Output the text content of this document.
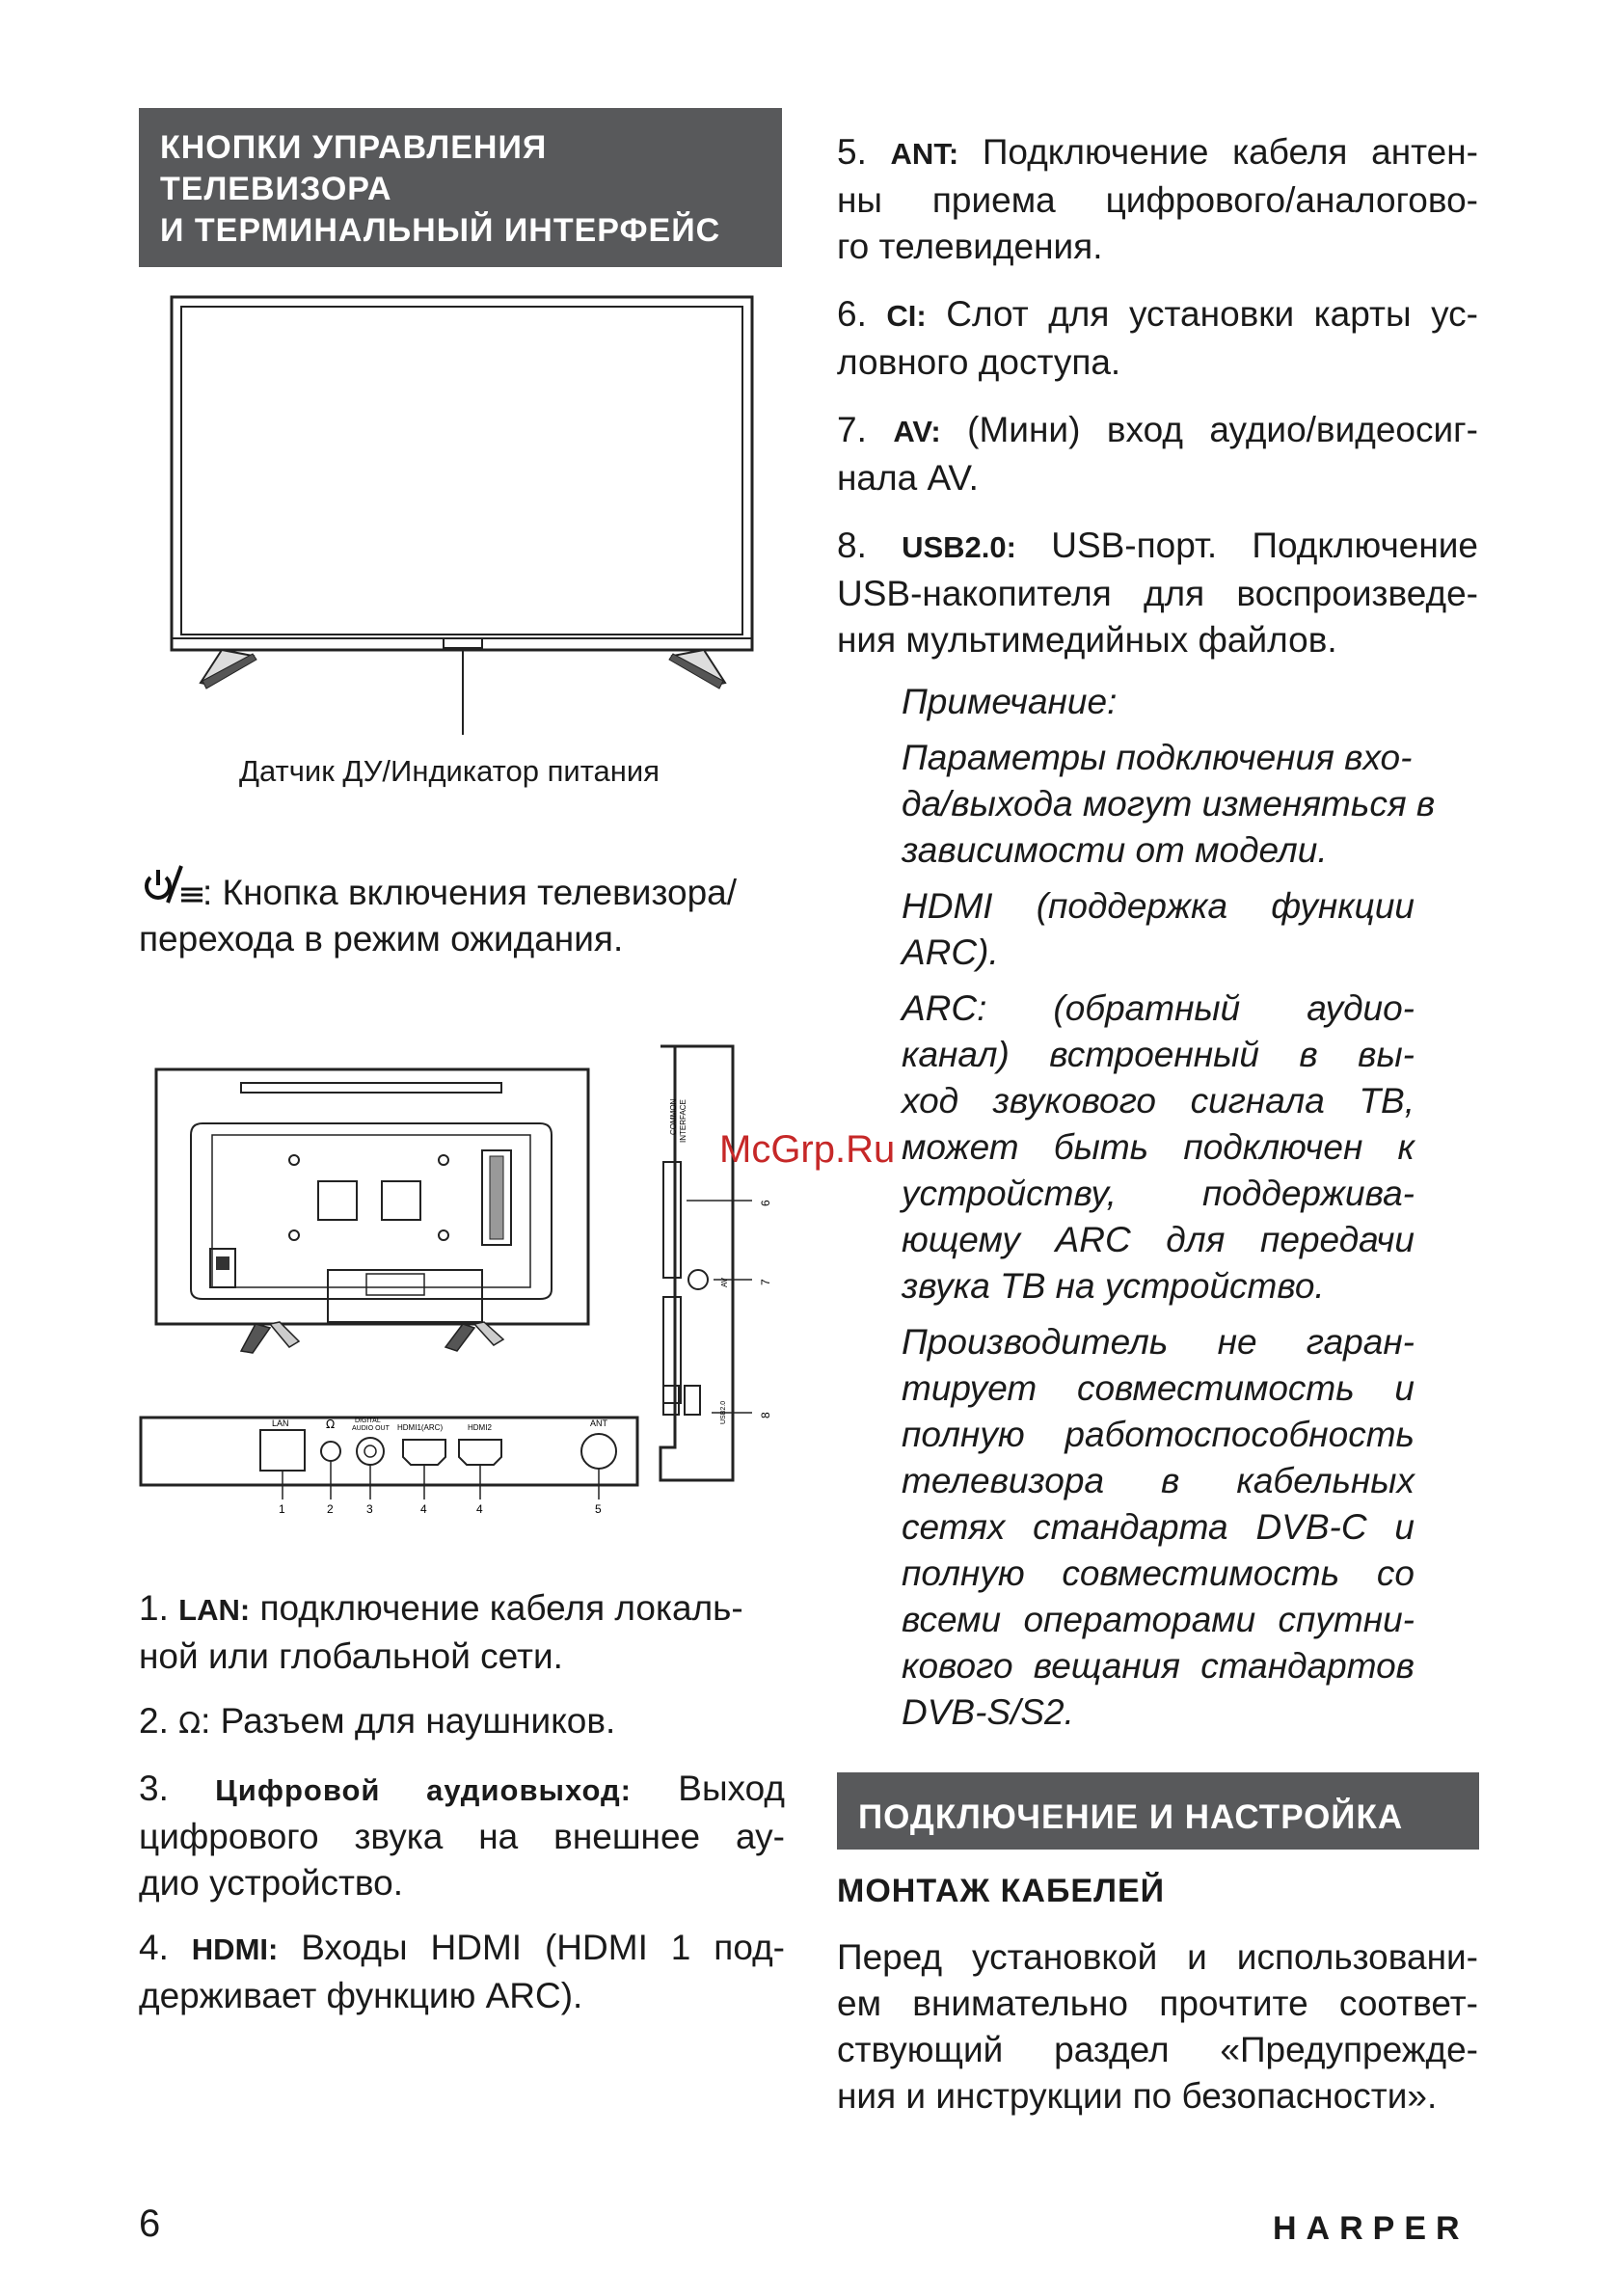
КНОПКИ УПРАВЛЕНИЯ
ТЕЛЕВИЗОРА
И ТЕРМИНАЛЬНЫЙ ИНТЕРФЕЙС
Датчик ДУ/Индикатор питания
: Кнопка включения телевизора/
перехода в режим ожидания.
LAN	Ω	DIGITAL
AUDIO OUT HDMI1(ARC)	HDMI2	ANT
1	2	3	4	4	5
COMMON INTERFACE
AV
USB2.0
6
7
8
McGrp.Ru
1. LAN: подключение кабеля локаль-
ной или глобальной сети.
2. Ω: Разъем для наушников.
3. Цифровой аудиовыход: Выход
цифрового звука на внешнее ау-
дио устройство.
4. HDMI: Входы HDMI (HDMI 1 под-
держивает функцию ARC).
5. ANT: Подключение кабеля антен-
ны приема цифрового/аналогово-
го телевидения.
6. CI: Слот для установки карты ус-
ловного доступа.
7. AV: (Мини) вход аудио/видеосиг-
нала AV.
8. USB2.0: USB-порт. Подключение
USB-накопителя для воспроизведе-
ния мультимедийных файлов.
Примечание:
Параметры подключения вхо-
да/выхода могут изменяться в
зависимости от модели.
HDMI (поддержка функции
ARC).
ARC: (обратный аудио-
канал) встроенный в вы-
ход звукового сигнала ТВ,
может быть подключен к
устройству, поддержива-
ющему ARC для передачи
звука ТВ на устройство.
Производитель не гаран-
тирует совместимость и
полную работоспособность
телевизора в кабельных
сетях стандарта DVB-C и
полную совместимость со
всеми операторами спутни-
кового вещания стандартов
DVB-S/S2.
ПОДКЛЮЧЕНИЕ И НАСТРОЙКА
МОНТАЖ КАБЕЛЕЙ
Перед установкой и использовани-
ем внимательно прочтите соответ-
ствующий раздел «Предупрежде-
ния и инструкции по безопасности».
6	HARPER
